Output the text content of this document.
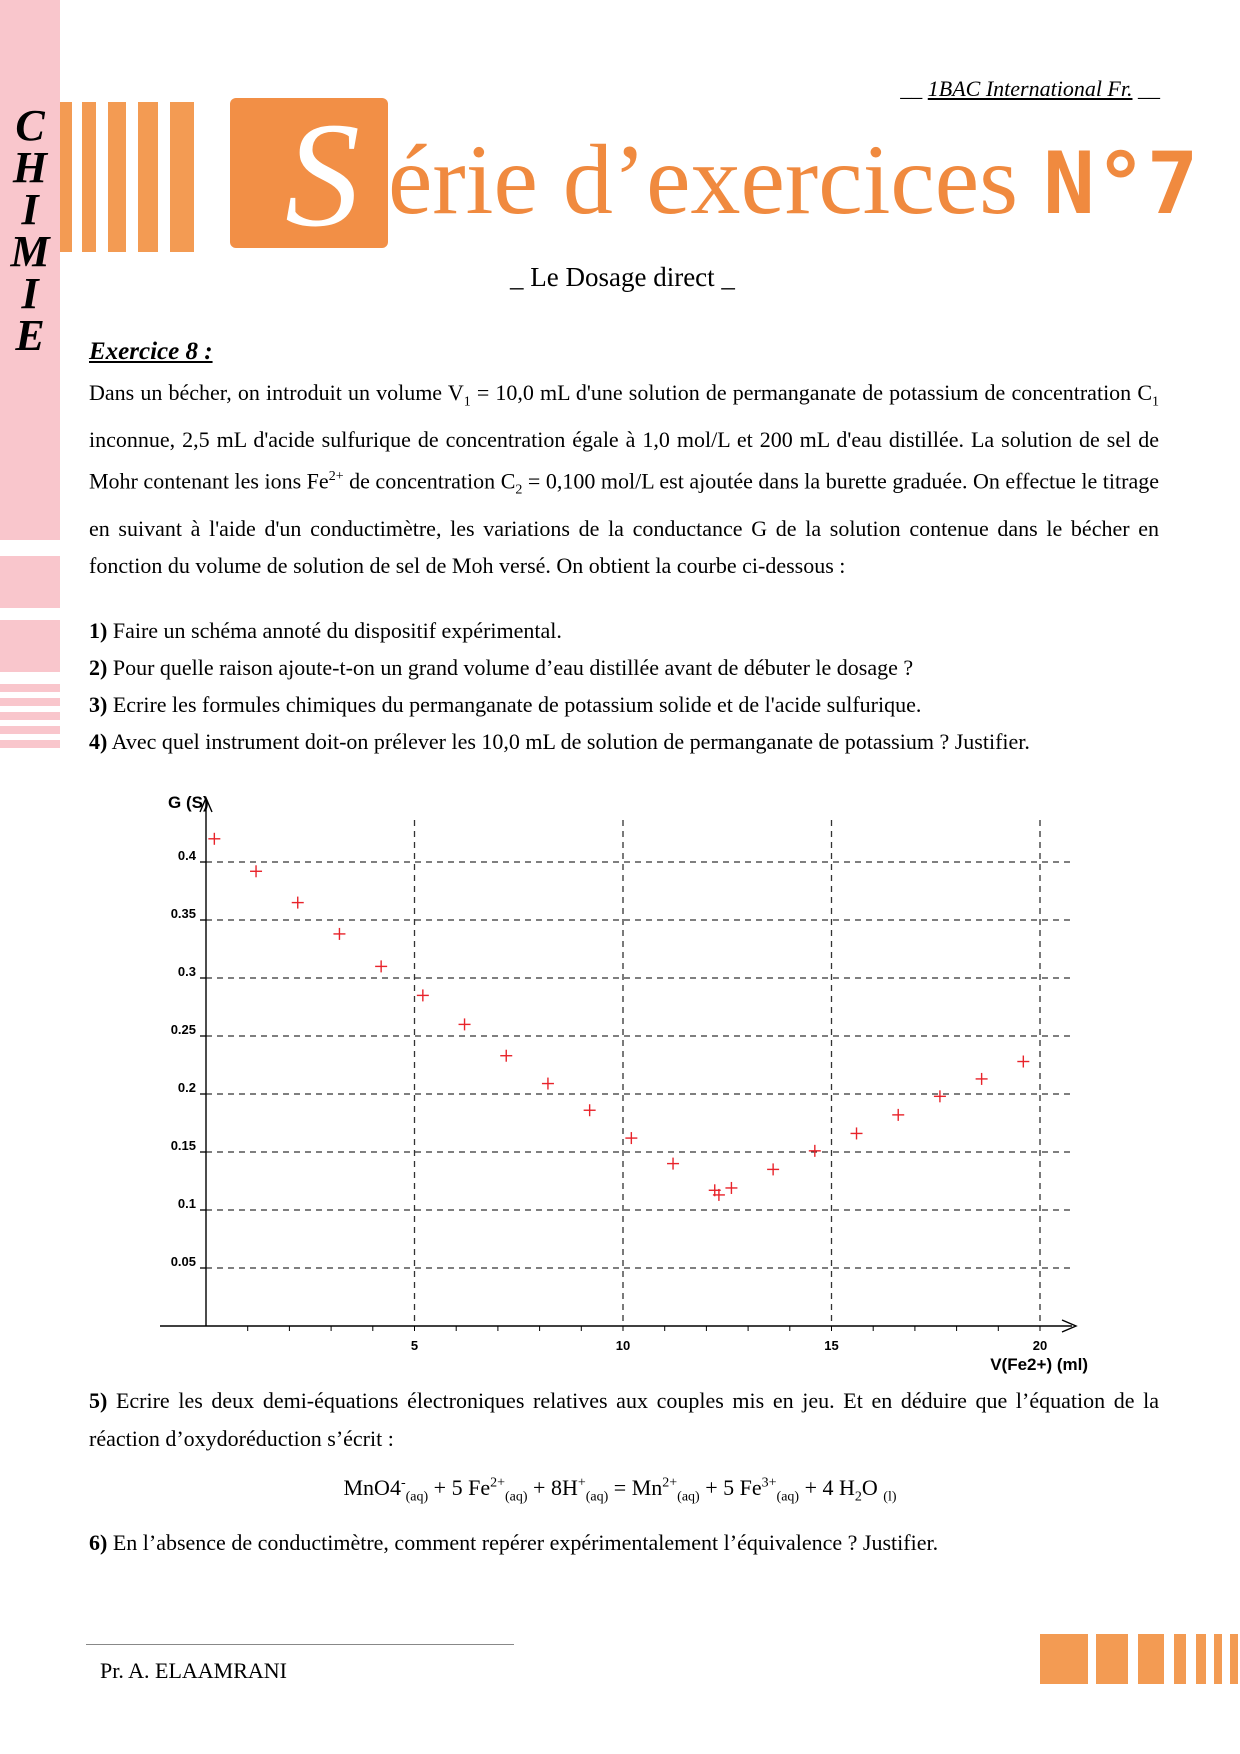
C
H
I
M
I
E
S érie d’exercices N°7
__ 1BAC International Fr. __
_ Le Dosage direct _
Exercice 8 :
Dans un bécher, on introduit un volume $V_1 = 10,0$ mL d'une solution de permanganate de potassium de concentration $C_1$ inconnue, 2,5 mL d'acide sulfurique de concentration égale à 1,0 mol/L et 200 mL d'eau distillée. La solution de sel de Mohr contenant les ions $Fe^{2+}$ de concentration $C_2 = 0,100$ mol/L est ajoutée dans la burette graduée. On effectue le titrage en suivant à l'aide d'un conductimètre, les variations de la conductance G de la solution contenue dans le bécher en fonction du volume de solution de sel de Moh versé. On obtient la courbe ci-dessous :
1) Faire un schéma annoté du dispositif expérimental.
2) Pour quelle raison ajoute-t-on un grand volume d’eau distillée avant de débuter le dosage ?
3) Ecrire les formules chimiques du permanganate de potassium solide et de l'acide sulfurique.
4) Avec quel instrument doit-on prélever les 10,0 mL de solution de permanganate de potassium ? Justifier.
0.05
0.1
0.15
0.2
0.25
0.3
0.35
0.4
5	10	15	20
G (S)
V(Fe2+) (ml)
5) Ecrire les deux demi-équations électroniques relatives aux couples mis en jeu. Et en déduire que l’équation de la réaction d’oxydoréduction s’écrit :
$MnO4^-_{(aq)} + 5$ $Fe^{2+}_{(aq)} + 8H^+_{(aq)} = Mn^{2+}_{(aq)} + 5$ $Fe^{3+}_{(aq)} + 4$ $H_2O$ $_{(l)}$
6) En l’absence de conductimètre, comment repérer expérimentalement l’équivalence ? Justifier.
Pr. A. ELAAMRANI
